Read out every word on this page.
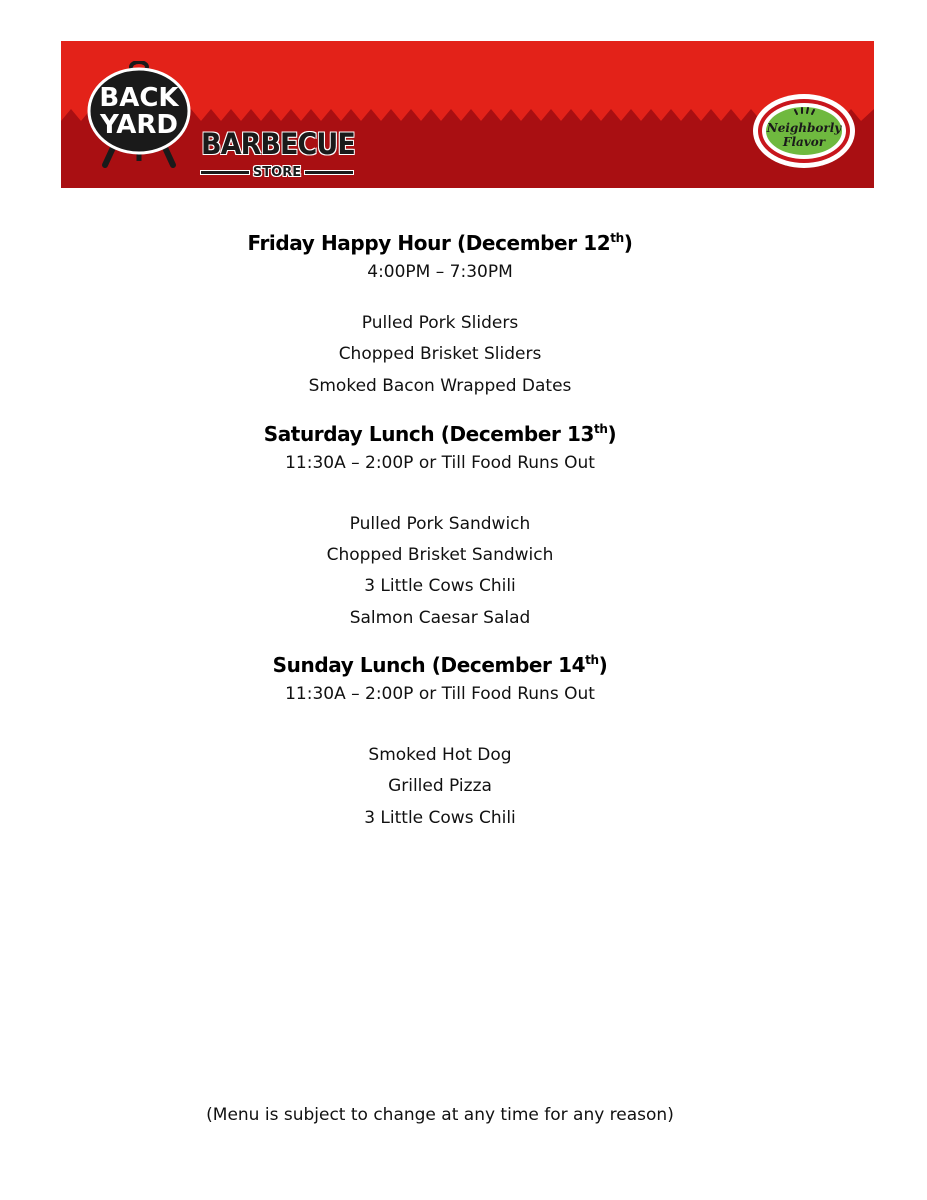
BACK
YARD
BARBECUE
STORE
Neighborly
Flavor
Friday Happy Hour (December 12th)

4:00PM – 7:30PM

Pulled Pork Sliders
Chopped Brisket Sliders
Smoked Bacon Wrapped Dates
Saturday Lunch (December 13th)

11:30A – 2:00P or Till Food Runs Out

Pulled Pork Sandwich
Chopped Brisket Sandwich
3 Little Cows Chili
Salmon Caesar Salad
Sunday Lunch (December 14th)

11:30A – 2:00P or Till Food Runs Out

Smoked Hot Dog
Grilled Pizza
3 Little Cows Chili
(Menu is subject to change at any time for any reason)
